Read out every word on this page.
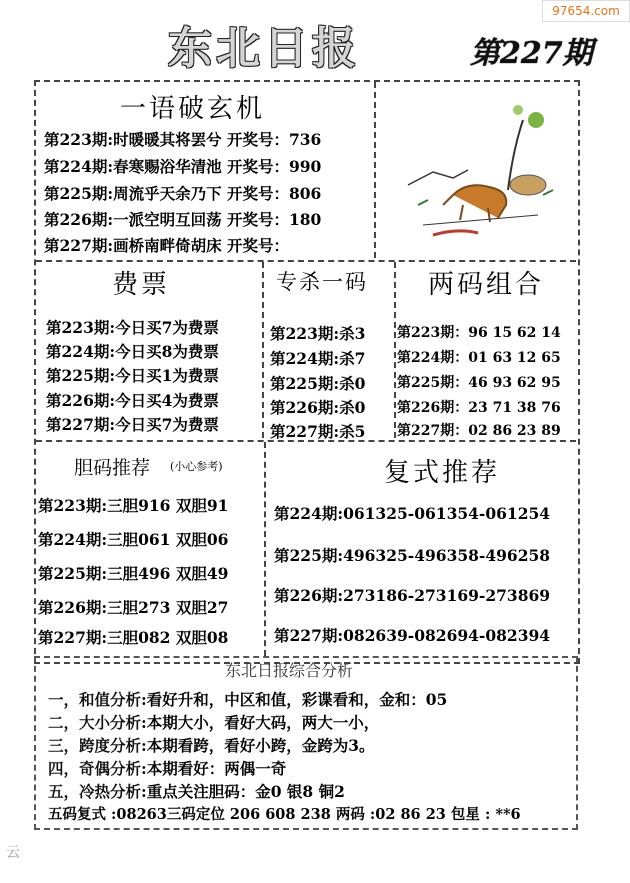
97654.com
东北日报	第227期
一语破玄机
第223期:时暖暖其将罢兮 开奖号：736
第224期:春寒赐浴华清池 开奖号：990
第225期:周流乎天余乃下 开奖号：806
第226期:一派空明互回荡 开奖号：180
第227期:画桥南畔倚胡床 开奖号：
费票
第223期:今日买7为费票
第224期:今日买8为费票
第225期:今日买1为费票
第226期:今日买4为费票
第227期:今日买7为费票
专杀一码
第223期:杀3
第224期:杀7
第225期:杀0
第226期:杀0
第227期:杀5
两码组合
第223期：96 15 62 14
第224期：01 63 12 65
第225期：46 93 62 95
第226期：23 71 38 76
第227期：02 86 23 89
胆码推荐 (小心参考)
第223期:三胆916 双胆91
第224期:三胆061 双胆06
第225期:三胆496 双胆49
第226期:三胆273 双胆27
第227期:三胆082 双胆08
复式推荐
第224期:061325-061354-061254
第225期:496325-496358-496258
第226期:273186-273169-273869
第227期:082639-082694-082394
东北日报综合分析
一，和值分析:看好升和，中区和值，彩谍看和，金和：05
二，大小分析:本期大小，看好大码，两大一小，
三，跨度分析:本期看跨，看好小跨，金跨为3。
四，奇偶分析:本期看好：两偶一奇
五，冷热分析:重点关注胆码：金0 银8 铜2
五码复式 :08263三码定位 206 608 238 两码 :02 86 23 包星 : **6
云
